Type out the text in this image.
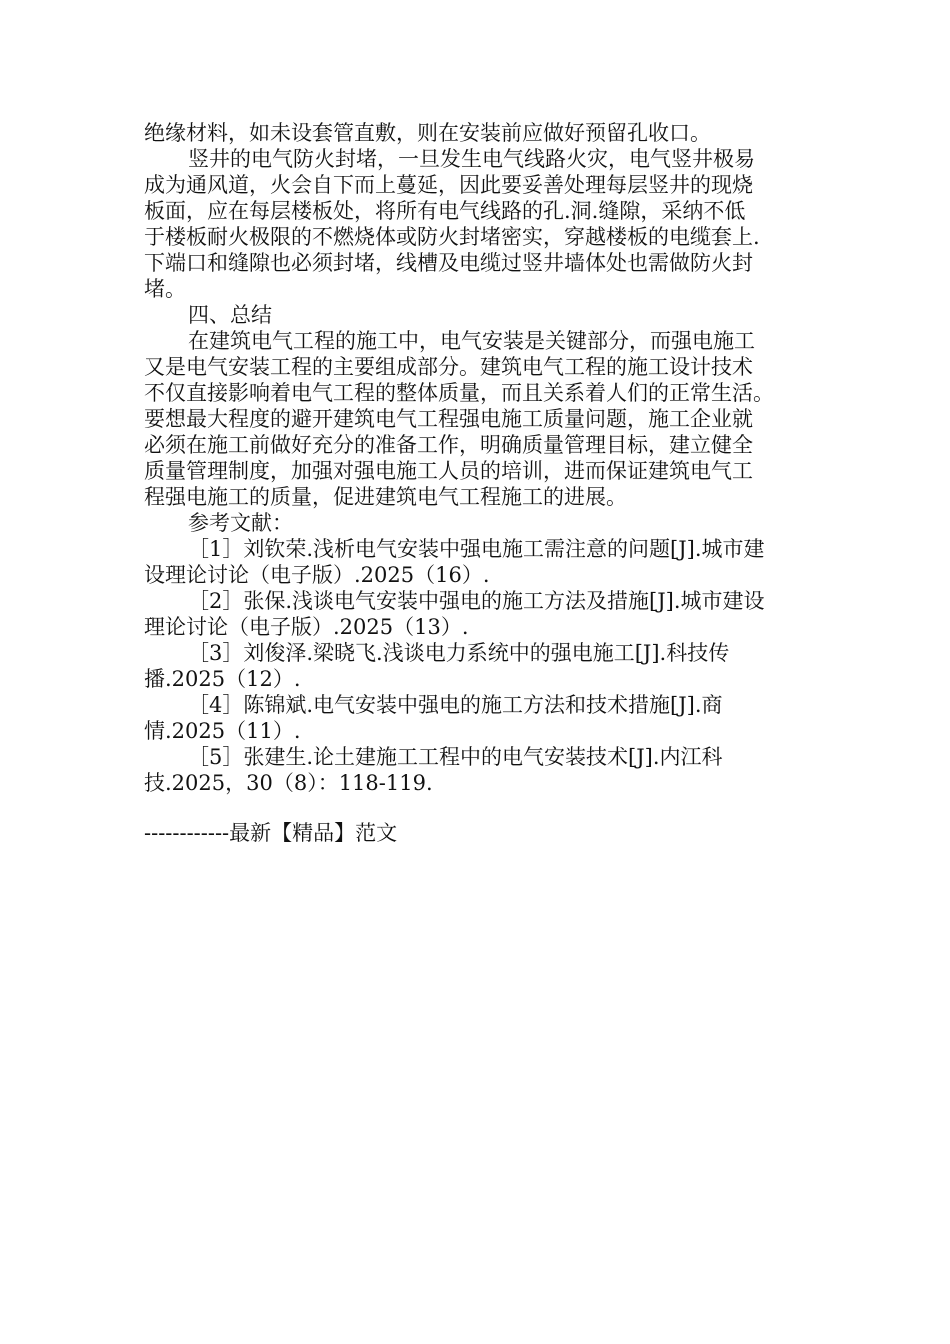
绝缘材料，如未设套管直敷，则在安装前应做好预留孔收口。
竖井的电气防火封堵，一旦发生电气线路火灾，电气竖井极易
成为通风道，火会自下而上蔓延，因此要妥善处理每层竖井的现烧
板面，应在每层楼板处，将所有电气线路的孔.洞.缝隙，采纳不低
于楼板耐火极限的不燃烧体或防火封堵密实，穿越楼板的电缆套上.
下端口和缝隙也必须封堵，线槽及电缆过竖井墙体处也需做防火封
堵。
四、总结
在建筑电气工程的施工中，电气安装是关键部分，而强电施工
又是电气安装工程的主要组成部分。建筑电气工程的施工设计技术
不仅直接影响着电气工程的整体质量，而且关系着人们的正常生活。
要想最大程度的避开建筑电气工程强电施工质量问题，施工企业就
必须在施工前做好充分的准备工作，明确质量管理目标，建立健全
质量管理制度，加强对强电施工人员的培训，进而保证建筑电气工
程强电施工的质量，促进建筑电气工程施工的进展。
参考文献：
［1］刘钦荣.浅析电气安装中强电施工需注意的问题[J].城市建
设理论讨论（电子版）.2025（16）.
［2］张保.浅谈电气安装中强电的施工方法及措施[J].城市建设
理论讨论（电子版）.2025（13）.
［3］刘俊泽.梁晓飞.浅谈电力系统中的强电施工[J].科技传
播.2025（12）.
［4］陈锦斌.电气安装中强电的施工方法和技术措施[J].商
情.2025（11）.
［5］张建生.论土建施工工程中的电气安装技术[J].内江科
技.2025，30（8）：118-119.
------------最新【精品】范文
